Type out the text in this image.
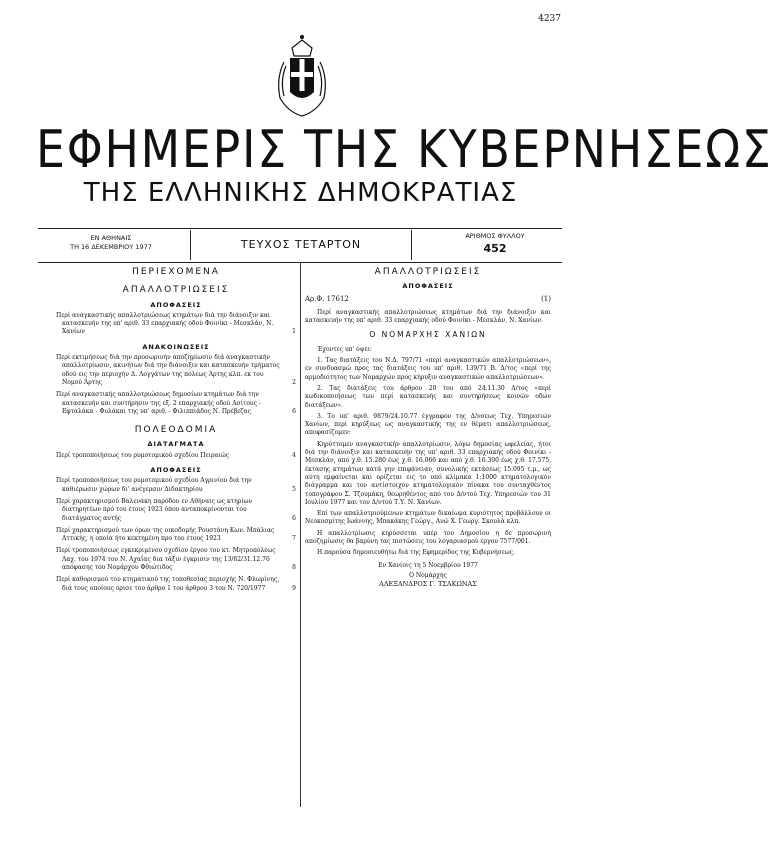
4237
ΕΦΗΜΕΡΙΣ ΤΗΣ ΚΥΒΕΡΝΗΣΕΩΣ
ΤΗΣ ΕΛΛΗΝΙΚΗΣ ΔΗΜΟΚΡΑΤΙΑΣ
ΕΝ ΑΘΗΝΑΙΣ
ΤΗ 16 ΔΕΚΕΜΒΡΙΟΥ 1977	ΤΕΥΧΟΣ ΤΕΤΑΡΤΟΝ
ΑΡΙΘΜΟΣ ΦΥΛΛΟΥ
452
ΠΕΡΙΕΧΟΜΕΝΑ
ΑΠΑΛΛΟΤΡΙΩΣΕΙΣ
ΑΠΟΦΑΣΕΙΣ
Περί αναγκαστικής απαλλοτριώσεως κτημάτων διά την διάνοιξιν και κατασκευήν της υπ' αριθ. 33 επαρχιακής οδού Φοινίκι - Μεσκλάν, Ν. Χανίων	1
ΑΝΑΚΟΙΝΩΣΕΙΣ
Περί εκτιμήσεως διά την προσωρινήν αποζημίωσιν διά αναγκαστικήν απαλλοτρίωσιν, ακινήτων διά την διάνοιξιν και κατασκευήν τμήματος οδού εις την περιοχήν Δ. Λογγάτων της πόλεως Άρτης κλπ. εκ του Νομού Άρτης	2
Περί αναγκαστικής απαλλοτριώσεως δημοσίων κτημάτων διά την κατασκευήν και συντήρησιν της εξ. 2 επαρχιακής οδού Ασίτους - Εφταλάκα - Φυλάκαι της υπ' αριθ. - Φιλιππιάδος Ν. Πρέβεζας	6
ΠΟΛΕΟΔΟΜΙΑ
ΔΙΑΤΑΓΜΑΤΑ
Περί τροποποιήσεως του ρυμοτομικού σχεδίου Πειραιώς	4
ΑΠΟΦΑΣΕΙΣ
Περί τροποποιήσεως του ρυμοτομικού σχεδίου Αγρινίου διά την καθιέρωσιν χώρων δι' ανέγερσιν Διδακτηρίου	5
Περί χαρακτηρισμού Βαλενάκη παρόδου εν Αθήναις ως κτηρίων διατηρητέων πρό του έτους 1923 όπου ανταποκρίνονται του διατάγματος αυτής	6
Περί χαρακτηρισμού των όρων της οικοδομής Ρουστάνη Κων. Μπάλιας Αττικής, η οποία ήτο κεκτημένη προ του έτους 1923	7
Περί τροποποιήσεως εγκεκριμένου σχεδίου έργου του κτ. Μητροπόλεως Λαχ. του 1974 του Ν. Αχαΐας δια τάξιν έγκρισιν της 13/82/31.12.76 απόφασης του Νομάρχου Φθιώτιδος	8
Περί καθορισμού του κτηματικού της τοποθεσίας περιοχής Ν. Φλωρίνης, διά τους οποίους όρισε του άρθρο 1 του άρθρου 3 του Ν. 720/1977	9
ΑΠΑΛΛΟΤΡΙΩΣΕΙΣ
ΑΠΟΦΑΣΕΙΣ
Αρ.Φ. 17612	(1)

Περί αναγκαστικής απαλλοτριώσεως κτημάτων διά την διάνοιξιν και κατασκευήν της υπ' αριθ. 33 επαρχιακής οδού Φοινίκι - Μεσκλάν, Ν. Χανίων.

Ο ΝΟΜΑΡΧΗΣ ΧΑΝΙΩΝ

Έχοντες υπ' όψει:

1. Τας διατάξεις του Ν.Δ. 797/71 «περί αναγκαστικών απαλλοτριώσεων», εν συνδυασμώ προς τας διατάξεις του υπ' αριθ. 139/71 Β. Δ/τος «περί της αρμοδιότητος των Νομαρχών προς κήρυξιν αναγκαστικών απαλλοτριώσεων».

2. Τας διατάξεις του άρθρου 20 του από 24.11.30 Δ/τος «περί κωδικοποιήσεως των περί κατασκευής και συντηρήσεως κοινών οδών διατάξεων».

3. Το υπ' αριθ. 9879/24.10.77 έγγραφον της Δ/νσεως Τεχ. Υπηρεσιών Χανίων, περί κηρύξεως ως αναγκαστικής της εν θέματι απαλλοτριώσεως, αποφασίζομεν:

Κηρύττομεν αναγκαστικήν απαλλοτρίωσιν, λόγω δημοσίας ωφελείας, ήτοι διά την διάνοιξιν και κατασκευήν της υπ' αριθ. 33 επαρχιακής οδού Φοινίκι - Μεσκλάν, από χ.θ. 15.280 έως χ.θ. 16.066 και από χ.θ. 16.300 έως χ.θ. 17.575, έκτασης κτημάτων κατά γην επιφάνειαν, συνολικής εκτάσεως 15.095 τ.μ., ως αύτη εμφαίνεται και ορίζεται εις το υπό κλίμακα 1:1000 κτηματολογικόν διάγραμμα και τον αντίστοιχον κτηματολογικόν πίνακα του συνταχθέντος τοπογράφου Σ. Τζουμάκη, θεωρηθέντος από του Δ/ντού Τεχ. Υπηρεσιών του 31 Ιουλίου 1977 και του Δ/ντού Τ.Υ. Ν. Χανίων.

Επί των απαλλοτριούμενων κτημάτων δικαίωμα κυριότητος προβάλλουν οι Νεοκοσμίτης Ιωάννης, Μπακάκης Γεώργ., Ανώ Χ. Γεωργ. Σκουλά κλπ.

Η απαλλοτρίωσις κηρύσσεται υπέρ του Δημοσίου η δε προσωρινή αποζημίωσις θα βαρύνη τας πιστώσεις του λογαριασμού έργου 7577/001.

Η παρούσα δημοσιευθήτω διά της Εφημερίδος της Κυβερνήσεως.

Εν Χανίοις τη 5 Νοεμβρίου 1977
Ο Νομάρχης
ΑΛΕΞΑΝΔΡΟΣ Γ. ΤΣΑΚΩΝΑΣ
